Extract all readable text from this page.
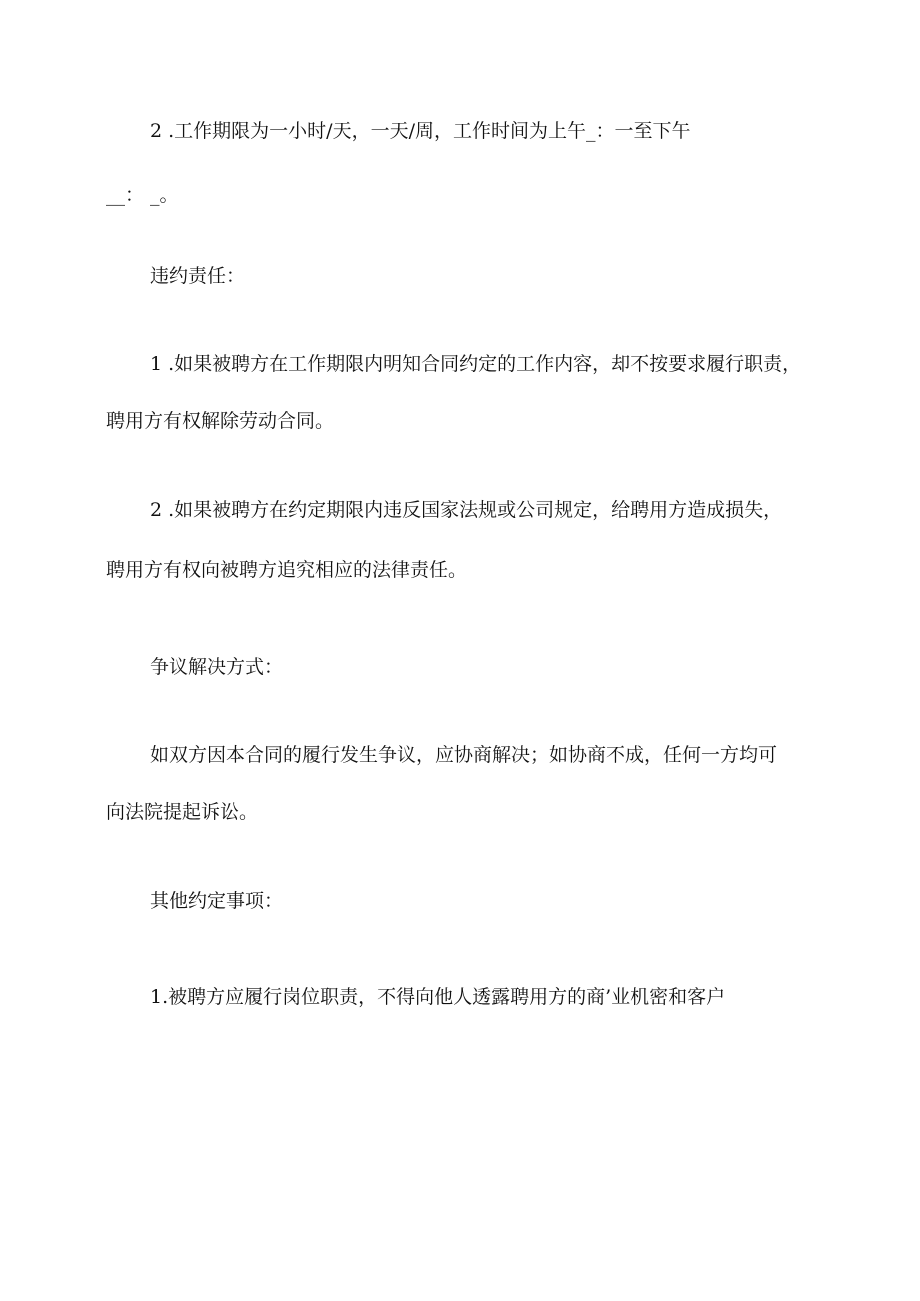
2 .工作期限为一小时/天，一天/周，工作时间为上午_：一至下午
__： _。
违约责任：
1 .如果被聘方在工作期限内明知合同约定的工作内容，却不按要求履行职责，
聘用方有权解除劳动合同。
2 .如果被聘方在约定期限内违反国家法规或公司规定，给聘用方造成损失，
聘用方有权向被聘方追究相应的法律责任。
争议解决方式：
如双方因本合同的履行发生争议，应协商解决；如协商不成，任何一方均可
向法院提起诉讼。
其他约定事项：
1.被聘方应履行岗位职责，不得向他人透露聘用方的商’业机密和客户
